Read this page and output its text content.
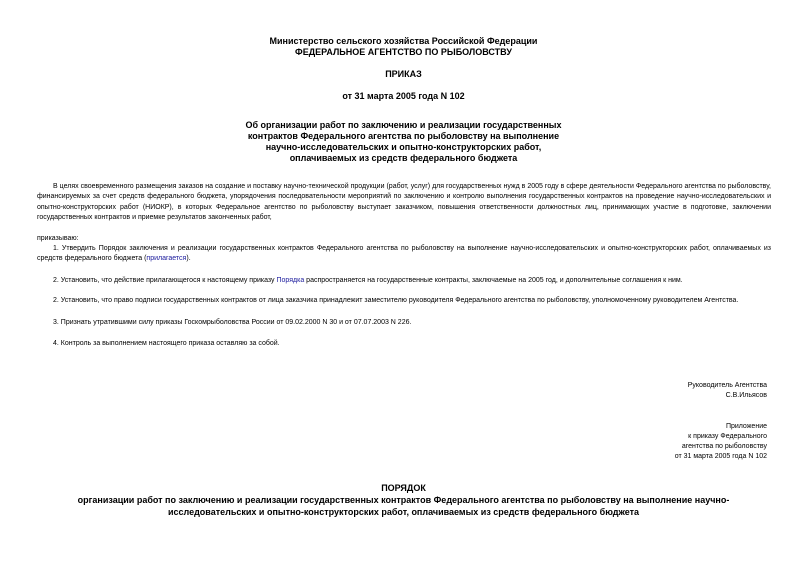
Министерство сельского хозяйства Российской Федерации
ФЕДЕРАЛЬНОЕ АГЕНТСТВО ПО РЫБОЛОВСТВУ
ПРИКАЗ
от 31 марта 2005 года N 102
Об организации работ по заключению и реализации государственных
контрактов Федерального агентства по рыболовству на выполнение
научно-исследовательских и опытно-конструкторских работ,
оплачиваемых из средств федерального бюджета
В целях своевременного размещения заказов на создание и поставку научно-технической продукции (работ, услуг) для государственных нужд в 2005 году в сфере деятельности Федерального агентства по рыболовству, финансируемых за счет средств федерального бюджета, упорядочения последовательности мероприятий по заключению и контролю выполнения государственных контрактов на проведение научно-исследовательских и опытно-конструкторских работ (НИОКР), в которых Федеральное агентство по рыболовству выступает заказчиком, повышения ответственности должностных лиц, принимающих участие в подготовке, заключении государственных контрактов и приемке результатов законченных работ,
приказываю:
1. Утвердить Порядок заключения и реализации государственных контрактов Федерального агентства по рыболовству на выполнение научно-исследовательских и опытно-конструкторских работ, оплачиваемых из средств федерального бюджета (прилагается).
2. Установить, что действие прилагающегося к настоящему приказу Порядка распространяется на государственные контракты, заключаемые на 2005 год, и дополнительные соглашения к ним.
2. Установить, что право подписи государственных контрактов от лица заказчика принадлежит заместителю руководителя Федерального агентства по рыболовству, уполномоченному руководителем Агентства.
3. Признать утратившими силу приказы Госкомрыболовства России от 09.02.2000 N 30 и от 07.07.2003 N 226.
4. Контроль за выполнением настоящего приказа оставляю за собой.
Руководитель Агентства
С.В.Ильясов
Приложение
к приказу Федерального
агентства по рыболовству
от 31 марта 2005 года N 102
ПОРЯДОК
организации работ по заключению и реализации государственных контрактов Федерального агентства по рыболовству на выполнение научно-
исследовательских и опытно-конструкторских работ, оплачиваемых из средств федерального бюджета
